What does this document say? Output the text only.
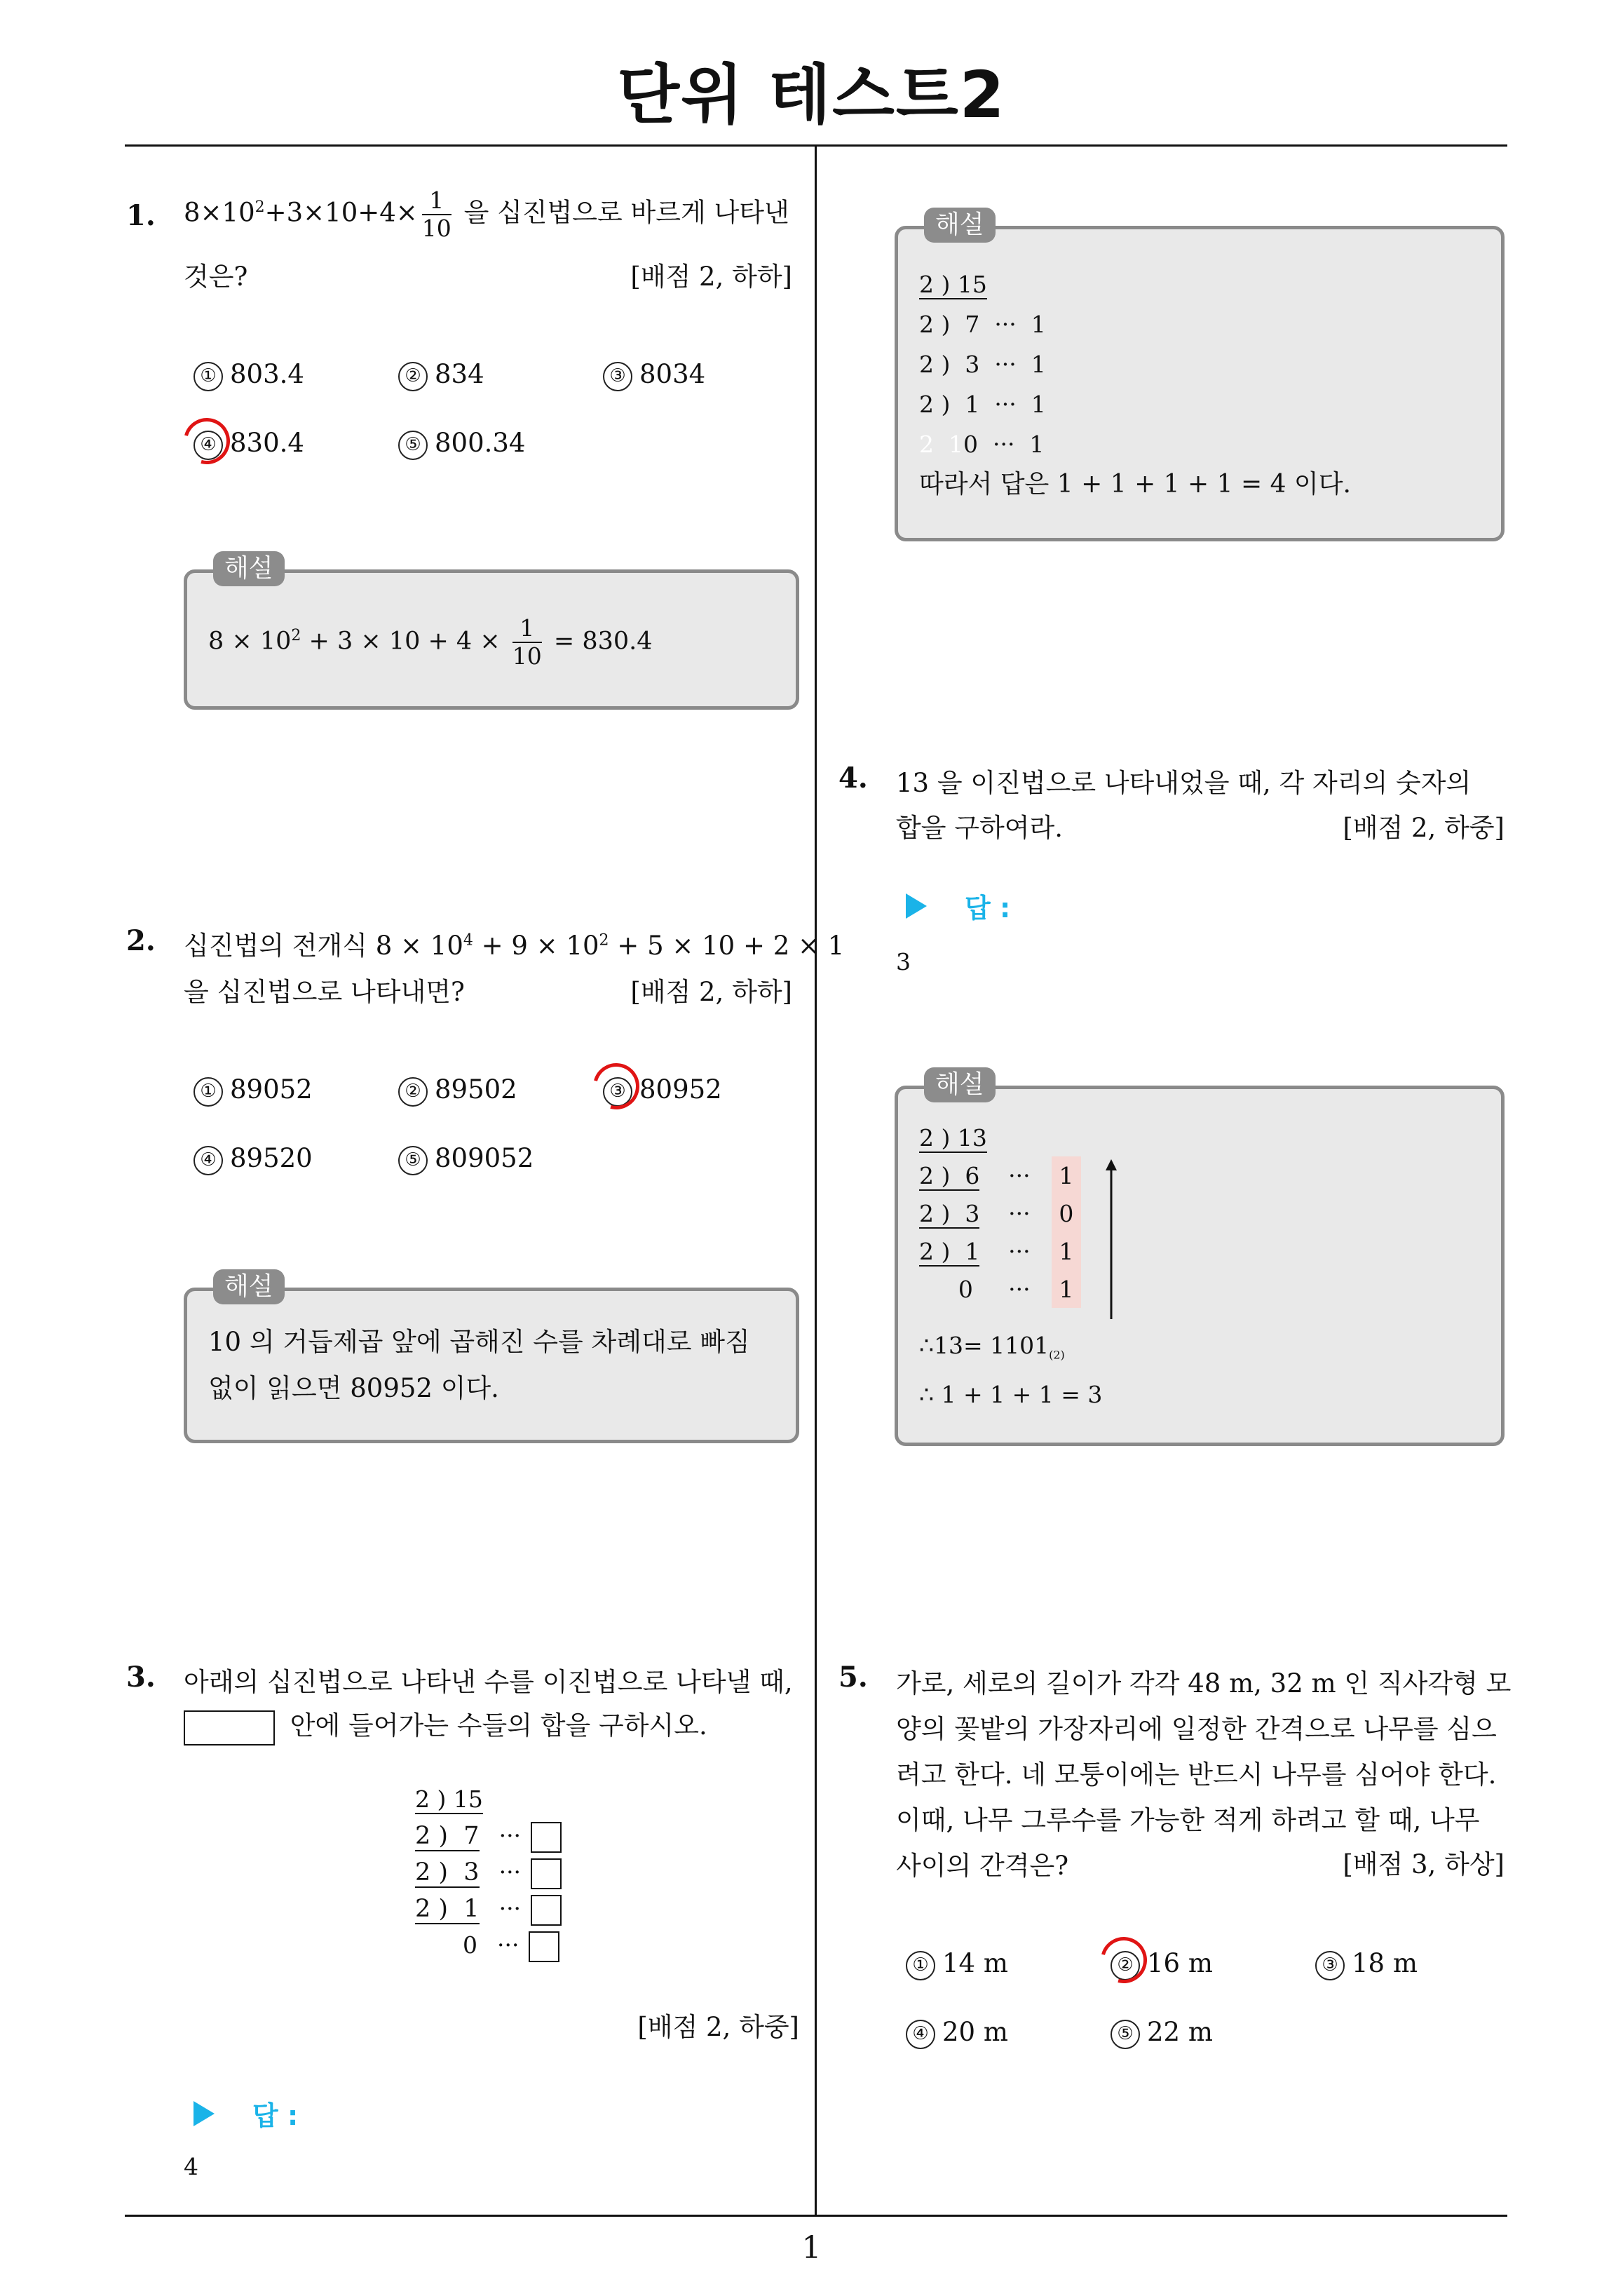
단위 테스트2
1
1. $8\times 10^2+3\times 10+4\times \frac{1}{10}$ 을 십진법으로 바르게 나타낸
것은?	[배점 2, 하하]
① 803.4	② 834	③ 8034
④ 830.4	⑤ 800.34
$8 \times 10^2 + 3 \times 10 + 4 \times \frac{1}{10} = 830.4$
해설
2. 십진법의 전개식 $8 \times 10^4 + 9 \times 10^2 + 5 \times 10 + 2 \times 1$
을 십진법으로 나타내면?	[배점 2, 하하]
① 89052	② 89502	③ 80952
④ 89520	⑤ 809052
10 의 거듭제곱 앞에 곱해진 수를 차례대로 빠짐
없이 읽으면 80952 이다.
해설
3. 아래의 십진법으로 나타낸 수를 이진법으로 나타낼 때,
안에 들어가는 수들의 합을 구하시오.
2 ) 15
2 )  7 ···
2 )  3 ···
2 )  1 ···
0 ···
[배점 2, 하중]
답 :
4
2 ) 15
2 )  7  ···  1
2 )  3  ···  1
2 )  1  ···  1
2  10  ···  1
따라서 답은 1 + 1 + 1 + 1 = 4 이다.
해설
4. 13 을 이진법으로 나타내었을 때, 각 자리의 숫자의
합을 구하여라.	[배점 2, 하중]
답 :
3
2 ) 13		
2 )  6	···	1
2 )  3	···	0
2 )  1	···	1
0	···	1
∴13= $1101_{(2)}$
∴ 1 + 1 + 1 = 3
해설
5. 가로, 세로의 길이가 각각 48 m, 32 m 인 직사각형 모
양의 꽃밭의 가장자리에 일정한 간격으로 나무를 심으
려고 한다. 네 모퉁이에는 반드시 나무를 심어야 한다.
이때, 나무 그루수를 가능한 적게 하려고 할 때, 나무
사이의 간격은?	[배점 3, 하상]
① 14 m	② 16 m	③ 18 m
④ 20 m	⑤ 22 m
